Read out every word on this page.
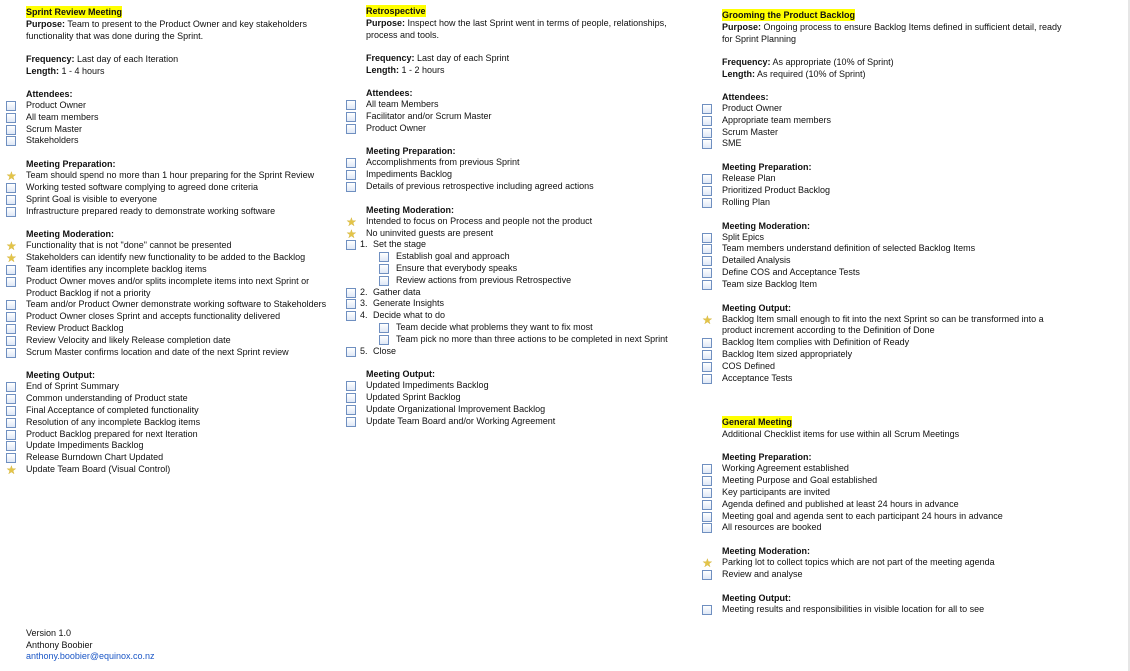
Sprint Review Meeting
Purpose: Team to present to the Product Owner and key stakeholders
functionality that was done during the Sprint.
Frequency: Last day of each Iteration
Length: 1 - 4 hours
Attendees:
Product Owner
All team members
Scrum Master
Stakeholders
Meeting Preparation:
★ Team should spend no more than 1 hour preparing for the Sprint Review
Working tested software complying to agreed done criteria
Sprint Goal is visible to everyone
Infrastructure prepared ready to demonstrate working software
Meeting Moderation:
★ Functionality that is not "done" cannot be presented
★ Stakeholders can identify new functionality to be added to the Backlog
Team identifies any incomplete backlog items
Product Owner moves and/or splits incomplete items into next Sprint or
Product Backlog if not a priority
Team and/or Product Owner demonstrate working software to Stakeholders
Product Owner closes Sprint and accepts functionality delivered
Review Product Backlog
Review Velocity and likely Release completion date
Scrum Master confirms location and date of the next Sprint review
Meeting Output:
End of Sprint Summary
Common understanding of Product state
Final Acceptance of completed functionality
Resolution of any incomplete Backlog items
Product Backlog prepared for next Iteration
Update Impediments Backlog
Release Burndown Chart Updated
★ Update Team Board (Visual Control)
Retrospective
Purpose: Inspect how the last Sprint went in terms of people, relationships,
process and tools.
Frequency: Last day of each Sprint
Length: 1 - 2 hours
Attendees:
All team Members
Facilitator and/or Scrum Master
Product Owner
Meeting Preparation:
Accomplishments from previous Sprint
Impediments Backlog
Details of previous retrospective including agreed actions
Meeting Moderation:
★ Intended to focus on Process and people not the product
★ No uninvited guests are present
1. Set the stage
Establish goal and approach
Ensure that everybody speaks
Review actions from previous Retrospective
2. Gather data
3. Generate Insights
4. Decide what to do
Team decide what problems they want to fix most
Team pick no more than three actions to be completed in next Sprint
5. Close
Meeting Output:
Updated Impediments Backlog
Updated Sprint Backlog
Update Organizational Improvement Backlog
Update Team Board and/or Working Agreement
Grooming the Product Backlog
Purpose: Ongoing process to ensure Backlog Items defined in sufficient detail, ready
for Sprint Planning
Frequency: As appropriate (10% of Sprint)
Length: As required (10% of Sprint)
Attendees:
Product Owner
Appropriate team members
Scrum Master
SME
Meeting Preparation:
Release Plan
Prioritized Product Backlog
Rolling Plan
Meeting Moderation:
Split Epics
Team members understand definition of selected Backlog Items
Detailed Analysis
Define COS and Acceptance Tests
Team size Backlog Item
Meeting Output:
★ Backlog Item small enough to fit into the next Sprint so can be transformed into a
product increment according to the Definition of Done
Backlog Item complies with Definition of Ready
Backlog Item sized appropriately
COS Defined
Acceptance Tests
General Meeting
Additional Checklist items for use within all Scrum Meetings
Meeting Preparation:
Working Agreement established
Meeting Purpose and Goal established
Key participants are invited
Agenda defined and published at least 24 hours in advance
Meeting goal and agenda sent to each participant 24 hours in advance
All resources are booked
Meeting Moderation:
★ Parking lot to collect topics which are not part of the meeting agenda
Review and analyse
Meeting Output:
Meeting results and responsibilities in visible location for all to see
Version 1.0
Anthony Boobier
anthony.boobier@equinox.co.nz
